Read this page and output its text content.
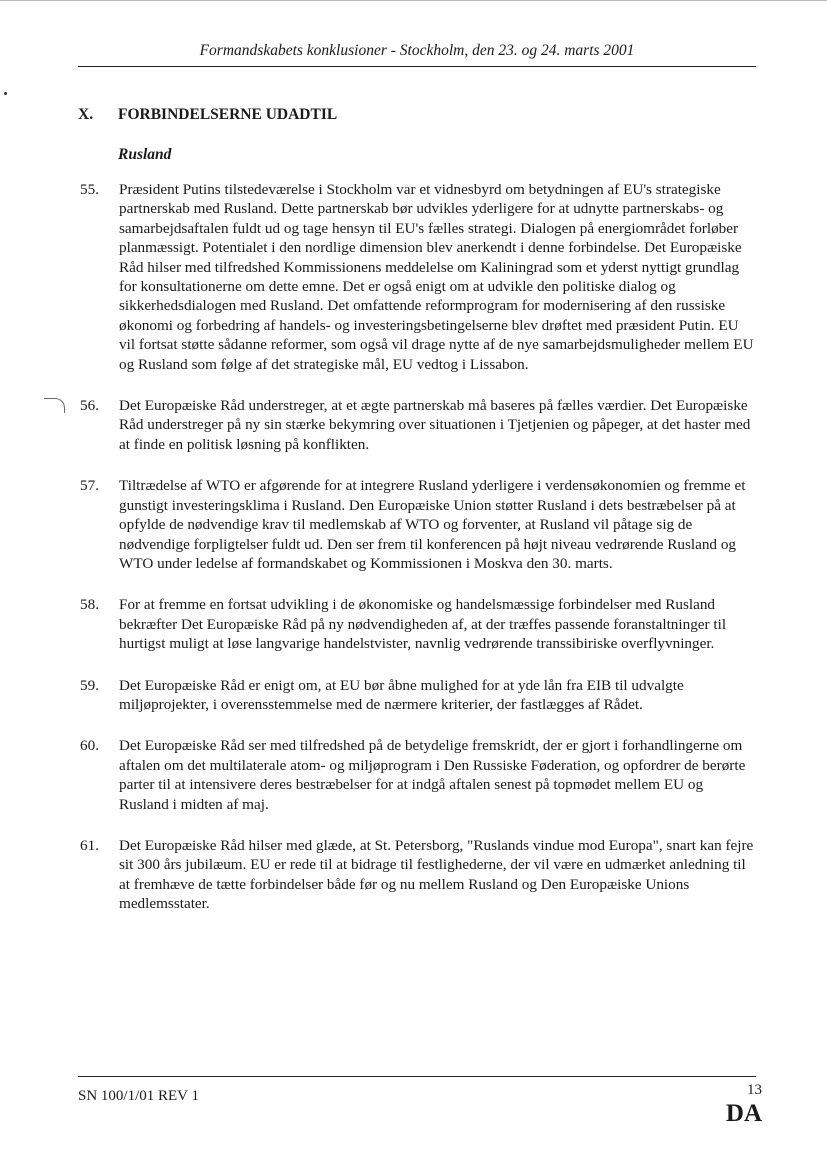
Formandskabets konklusioner - Stockholm, den 23. og 24. marts 2001
X. FORBINDELSERNE UDADTIL
Rusland
55. Præsident Putins tilstedeværelse i Stockholm var et vidnesbyrd om betydningen af EU's strategiske partnerskab med Rusland. Dette partnerskab bør udvikles yderligere for at udnytte partnerskabs- og samarbejdsaftalen fuldt ud og tage hensyn til EU's fælles strategi. Dialogen på energiområdet forløber planmæssigt. Potentialet i den nordlige dimension blev anerkendt i denne forbindelse. Det Europæiske Råd hilser med tilfredshed Kommissionens meddelelse om Kaliningrad som et yderst nyttigt grundlag for konsultationerne om dette emne. Det er også enigt om at udvikle den politiske dialog og sikkerhedsdialogen med Rusland. Det omfattende reformprogram for modernisering af den russiske økonomi og forbedring af handels- og investeringsbetingelserne blev drøftet med præsident Putin. EU vil fortsat støtte sådanne reformer, som også vil drage nytte af de nye samarbejdsmuligheder mellem EU og Rusland som følge af det strategiske mål, EU vedtog i Lissabon.
56. Det Europæiske Råd understreger, at et ægte partnerskab må baseres på fælles værdier. Det Europæiske Råd understreger på ny sin stærke bekymring over situationen i Tjetjenien og påpeger, at det haster med at finde en politisk løsning på konflikten.
57. Tiltrædelse af WTO er afgørende for at integrere Rusland yderligere i verdensøkonomien og fremme et gunstigt investeringsklima i Rusland. Den Europæiske Union støtter Rusland i dets bestræbelser på at opfylde de nødvendige krav til medlemskab af WTO og forventer, at Rusland vil påtage sig de nødvendige forpligtelser fuldt ud. Den ser frem til konferencen på højt niveau vedrørende Rusland og WTO under ledelse af formandskabet og Kommissionen i Moskva den 30. marts.
58. For at fremme en fortsat udvikling i de økonomiske og handelsmæssige forbindelser med Rusland bekræfter Det Europæiske Råd på ny nødvendigheden af, at der træffes passende foranstaltninger til hurtigst muligt at løse langvarige handelstvister, navnlig vedrørende transsibiriske overflyvninger.
59. Det Europæiske Råd er enigt om, at EU bør åbne mulighed for at yde lån fra EIB til udvalgte miljøprojekter, i overensstemmelse med de nærmere kriterier, der fastlægges af Rådet.
60. Det Europæiske Råd ser med tilfredshed på de betydelige fremskridt, der er gjort i forhandlingerne om aftalen om det multilaterale atom- og miljøprogram i Den Russiske Føderation, og opfordrer de berørte parter til at intensivere deres bestræbelser for at indgå aftalen senest på topmødet mellem EU og Rusland i midten af maj.
61. Det Europæiske Råd hilser med glæde, at St. Petersborg, "Ruslands vindue mod Europa", snart kan fejre sit 300 års jubilæum. EU er rede til at bidrage til festlighederne, der vil være en udmærket anledning til at fremhæve de tætte forbindelser både før og nu mellem Rusland og Den Europæiske Unions medlemsstater.
SN 100/1/01 REV 1	13
DA
